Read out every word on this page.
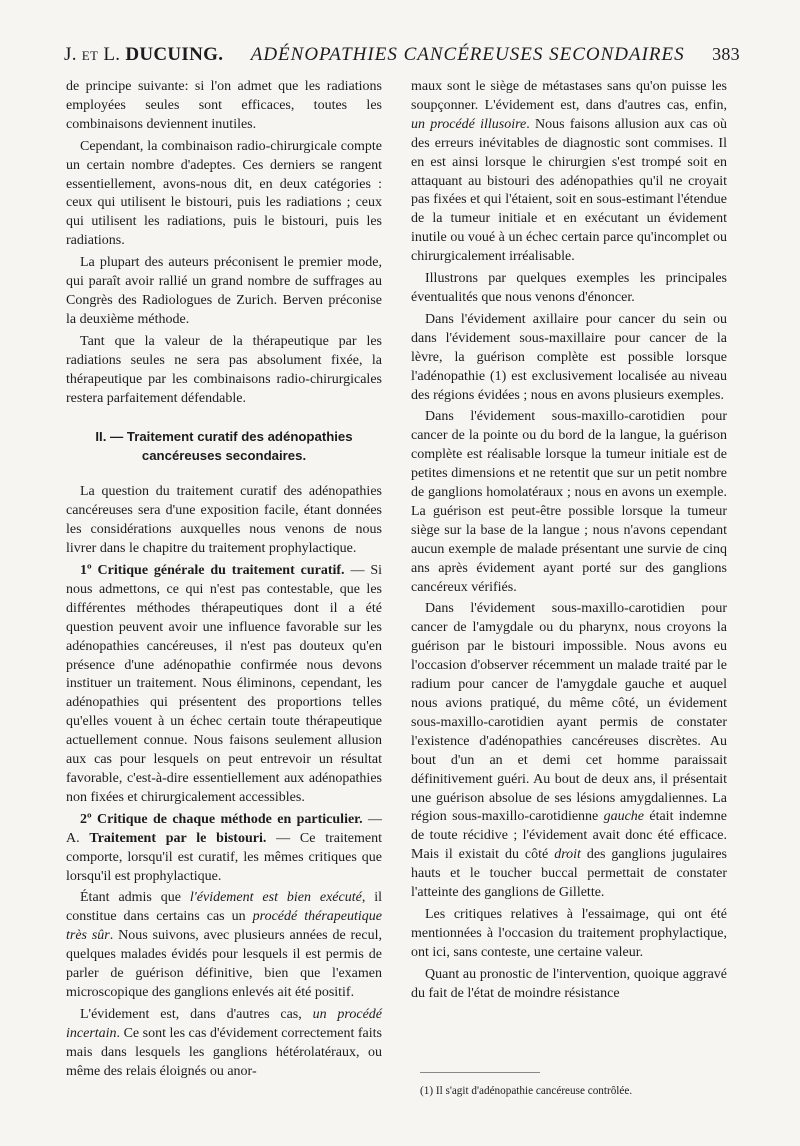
J. et L. DUCUING. ADÉNOPATHIES CANCÉREUSES SECONDAIRES 383

de principe suivante: si l'on admet que les radiations employées seules sont efficaces, toutes les combinaisons deviennent inutiles.

Cependant, la combinaison radio-chirurgicale compte un certain nombre d'adeptes. Ces derniers se rangent essentiellement, avons-nous dit, en deux catégories : ceux qui utilisent le bistouri, puis les radiations ; ceux qui utilisent les radiations, puis le bistouri, puis les radiations.

La plupart des auteurs préconisent le premier mode, qui paraît avoir rallié un grand nombre de suffrages au Congrès des Radiologues de Zurich. Berven préconise la deuxième méthode.

Tant que la valeur de la thérapeutique par les radiations seules ne sera pas absolument fixée, la thérapeutique par les combinaisons radio-chirurgicales restera parfaitement défendable.

II. — Traitement curatif des adénopathies cancéreuses secondaires.

La question du traitement curatif des adénopathies cancéreuses sera d'une exposition facile, étant données les considérations auxquelles nous venons de nous livrer dans le chapitre du traitement prophylactique.

1º Critique générale du traitement curatif. — Si nous admettons, ce qui n'est pas contestable, que les différentes méthodes thérapeutiques dont il a été question peuvent avoir une influence favorable sur les adénopathies cancéreuses, il n'est pas douteux qu'en présence d'une adénopathie confirmée nous devons instituer un traitement. Nous éliminons, cependant, les adénopathies qui présentent des proportions telles qu'elles vouent à un échec certain toute thérapeutique actuellement connue. Nous faisons seulement allusion aux cas pour lesquels on peut entrevoir un résultat favorable, c'est-à-dire essentiellement aux adénopathies non fixées et chirurgicalement accessibles.

2º Critique de chaque méthode en particulier. — A. Traitement par le bistouri. — Ce traitement comporte, lorsqu'il est curatif, les mêmes critiques que lorsqu'il est prophylactique.

Étant admis que l'évidement est bien exécuté, il constitue dans certains cas un procédé thérapeutique très sûr. Nous suivons, avec plusieurs années de recul, quelques malades évidés pour lesquels il est permis de parler de guérison définitive, bien que l'examen microscopique des ganglions enlevés ait été positif.

L'évidement est, dans d'autres cas, un procédé incertain. Ce sont les cas d'évidement correctement faits mais dans lesquels les ganglions hétérolatéraux, ou même des relais éloignés ou anor-

maux sont le siège de métastases sans qu'on puisse les soupçonner. L'évidement est, dans d'autres cas, enfin, un procédé illusoire. Nous faisons allusion aux cas où des erreurs inévitables de diagnostic sont commises. Il en est ainsi lorsque le chirurgien s'est trompé soit en attaquant au bistouri des adénopathies qu'il ne croyait pas fixées et qui l'étaient, soit en sous-estimant l'étendue de la tumeur initiale et en exécutant un évidement inutile ou voué à un échec certain parce qu'incomplet ou chirurgicalement irréalisable.

Illustrons par quelques exemples les principales éventualités que nous venons d'énoncer.

Dans l'évidement axillaire pour cancer du sein ou dans l'évidement sous-maxillaire pour cancer de la lèvre, la guérison complète est possible lorsque l'adénopathie (1) est exclusivement localisée au niveau des régions évidées ; nous en avons plusieurs exemples.

Dans l'évidement sous-maxillo-carotidien pour cancer de la pointe ou du bord de la langue, la guérison complète est réalisable lorsque la tumeur initiale est de petites dimensions et ne retentit que sur un petit nombre de ganglions homolatéraux ; nous en avons un exemple. La guérison est peut-être possible lorsque la tumeur siège sur la base de la langue ; nous n'avons cependant aucun exemple de malade présentant une survie de cinq ans après évidement ayant porté sur des ganglions cancéreux vérifiés.

Dans l'évidement sous-maxillo-carotidien pour cancer de l'amygdale ou du pharynx, nous croyons la guérison par le bistouri impossible. Nous avons eu l'occasion d'observer récemment un malade traité par le radium pour cancer de l'amygdale gauche et auquel nous avions pratiqué, du même côté, un évidement sous-maxillo-carotidien ayant permis de constater l'existence d'adénopathies cancéreuses discrètes. Au bout d'un an et demi cet homme paraissait définitivement guéri. Au bout de deux ans, il présentait une guérison absolue de ses lésions amygdaliennes. La région sous-maxillo-carotidienne gauche était indemne de toute récidive ; l'évidement avait donc été efficace. Mais il existait du côté droit des ganglions jugulaires hauts et le toucher buccal permettait de constater l'atteinte des ganglions de Gillette.

Les critiques relatives à l'essaimage, qui ont été mentionnées à l'occasion du traitement prophylactique, ont ici, sans conteste, une certaine valeur.

Quant au pronostic de l'intervention, quoique aggravé du fait de l'état de moindre résistance

(1) Il s'agit d'adénopathie cancéreuse contrôlée.
